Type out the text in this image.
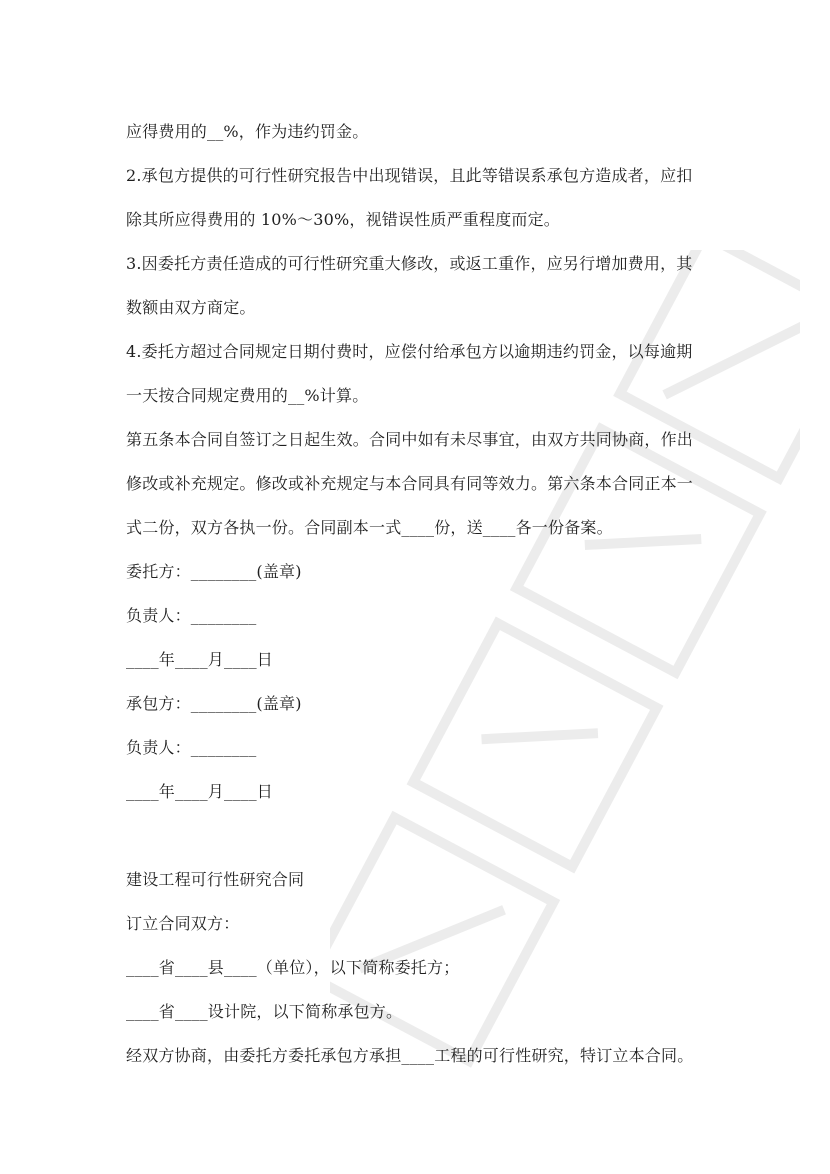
应得费用的__%，作为违约罚金。

2.承包方提供的可行性研究报告中出现错误，且此等错误系承包方造成者，应扣

除其所应得费用的 10%～30%，视错误性质严重程度而定。

3.因委托方责任造成的可行性研究重大修改，或返工重作，应另行增加费用，其

数额由双方商定。

4.委托方超过合同规定日期付费时，应偿付给承包方以逾期违约罚金，以每逾期

一天按合同规定费用的__%计算。

第五条本合同自签订之日起生效。合同中如有未尽事宜，由双方共同协商，作出

修改或补充规定。修改或补充规定与本合同具有同等效力。第六条本合同正本一

式二份，双方各执一份。合同副本一式____份，送____各一份备案。

委托方：________(盖章)

负责人：________

____年____月____日

承包方：________(盖章)

负责人：________

____年____月____日

建设工程可行性研究合同

订立合同双方：

____省____县____（单位），以下简称委托方；

____省____设计院，以下简称承包方。

经双方协商，由委托方委托承包方承担____工程的可行性研究，特订立本合同。
